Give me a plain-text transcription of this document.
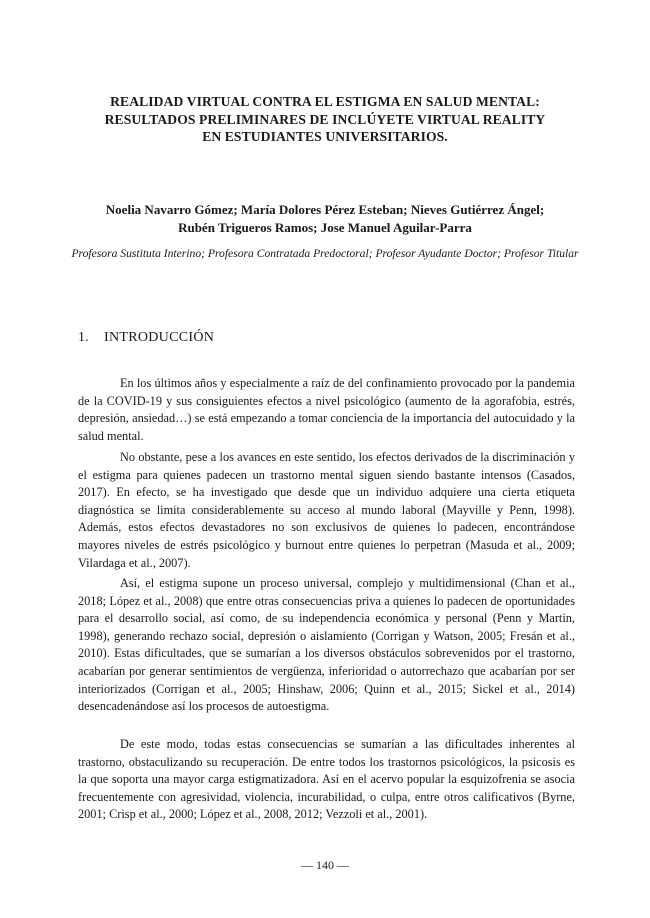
REALIDAD VIRTUAL CONTRA EL ESTIGMA EN SALUD MENTAL:
RESULTADOS PRELIMINARES DE INCLÚYETE VIRTUAL REALITY
EN ESTUDIANTES UNIVERSITARIOS.
Noelia Navarro Gómez; María Dolores Pérez Esteban; Nieves Gutiérrez Ángel;
Rubén Trigueros Ramos; Jose Manuel Aguilar-Parra
Profesora Sustituta Interino; Profesora Contratada Predoctoral; Profesor Ayudante Doctor; Profesor Titular
1. INTRODUCCIÓN

En los últimos años y especialmente a raíz de del confinamiento provocado por la pandemia de la COVID-19 y sus consiguientes efectos a nivel psicológico (aumento de la agorafobia, estrés, depresión, ansiedad…) se está empezando a tomar conciencia de la importancia del autocuidado y la salud mental.

No obstante, pese a los avances en este sentido, los efectos derivados de la discriminación y el estigma para quienes padecen un trastorno mental siguen siendo bastante intensos (Casados, 2017). En efecto, se ha investigado que desde que un individuo adquiere una cierta etiqueta diagnóstica se limita considerablemente su acceso al mundo laboral (Mayville y Penn, 1998). Además, estos efectos devastadores no son exclusivos de quienes lo padecen, encontrándose mayores niveles de estrés psicológico y burnout entre quienes lo perpetran (Masuda et al., 2009; Vilardaga et al., 2007).

Así, el estigma supone un proceso universal, complejo y multidimensional (Chan et al., 2018; López et al., 2008) que entre otras consecuencias priva a quienes lo padecen de oportunidades para el desarrollo social, así como, de su independencia económica y personal (Penn y Martin, 1998), generando rechazo social, depresión o aislamiento (Corrigan y Watson, 2005; Fresán et al., 2010). Estas dificultades, que se sumarían a los diversos obstáculos sobrevenidos por el trastorno, acabarían por generar sentimientos de vergüenza, inferioridad o autorrechazo que acabarían por ser interiorizados (Corrigan et al., 2005; Hinshaw, 2006; Quinn et al., 2015; Sickel et al., 2014) desencadenándose así los procesos de autoestigma.

De este modo, todas estas consecuencias se sumarían a las dificultades inherentes al trastorno, obstaculizando su recuperación. De entre todos los trastornos psicológicos, la psicosis es la que soporta una mayor carga estigmatizadora. Así en el acervo popular la esquizofrenia se asocia frecuentemente con agresividad, violencia, incurabilidad, o culpa, entre otros calificativos (Byrne, 2001; Crisp et al., 2000; López et al., 2008, 2012; Vezzoli et al., 2001).

— 140 —
